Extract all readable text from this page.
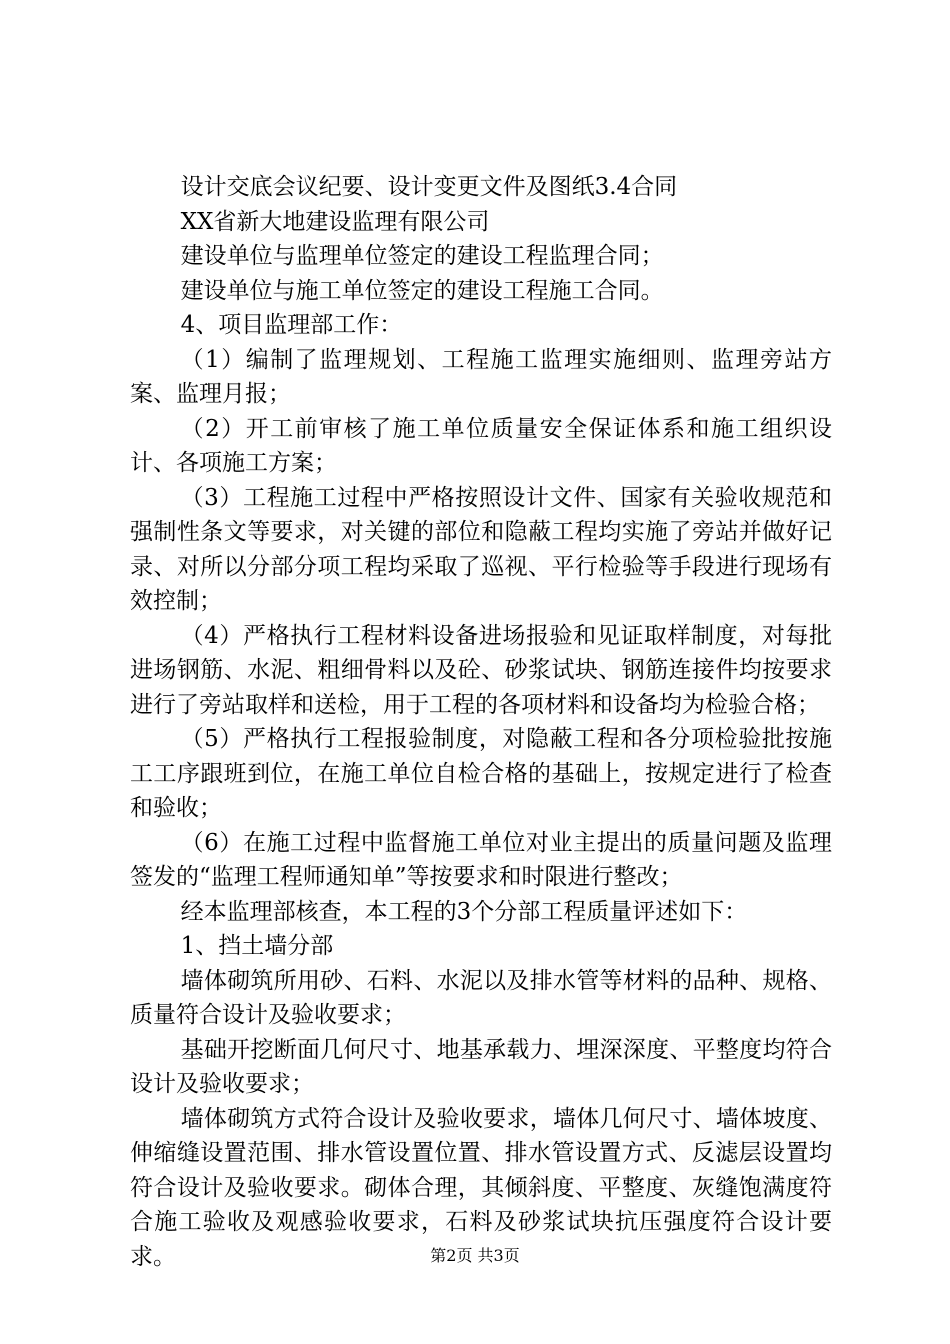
设计交底会议纪要、设计变更文件及图纸3.4合同

XX省新大地建设监理有限公司

建设单位与监理单位签定的建设工程监理合同；

建设单位与施工单位签定的建设工程施工合同。

4、项目监理部工作：

（1）编制了监理规划、工程施工监理实施细则、监理旁站方案、监理月报；

（2）开工前审核了施工单位质量安全保证体系和施工组织设计、各项施工方案；

（3）工程施工过程中严格按照设计文件、国家有关验收规范和强制性条文等要求，对关键的部位和隐蔽工程均实施了旁站并做好记录、对所以分部分项工程均采取了巡视、平行检验等手段进行现场有效控制；

（4）严格执行工程材料设备进场报验和见证取样制度，对每批进场钢筋、水泥、粗细骨料以及砼、砂浆试块、钢筋连接件均按要求进行了旁站取样和送检，用于工程的各项材料和设备均为检验合格；

（5）严格执行工程报验制度，对隐蔽工程和各分项检验批按施工工序跟班到位，在施工单位自检合格的基础上，按规定进行了检查和验收；

（6）在施工过程中监督施工单位对业主提出的质量问题及监理签发的“监理工程师通知单”等按要求和时限进行整改；

经本监理部核查，本工程的3个分部工程质量评述如下：

1、挡土墙分部

墙体砌筑所用砂、石料、水泥以及排水管等材料的品种、规格、质量符合设计及验收要求；

基础开挖断面几何尺寸、地基承载力、埋深深度、平整度均符合设计及验收要求；

墙体砌筑方式符合设计及验收要求，墙体几何尺寸、墙体坡度、伸缩缝设置范围、排水管设置位置、排水管设置方式、反滤层设置均符合设计及验收要求。砌体合理，其倾斜度、平整度、灰缝饱满度符合施工验收及观感验收要求，石料及砂浆试块抗压强度符合设计要求。	第2页 共3页
